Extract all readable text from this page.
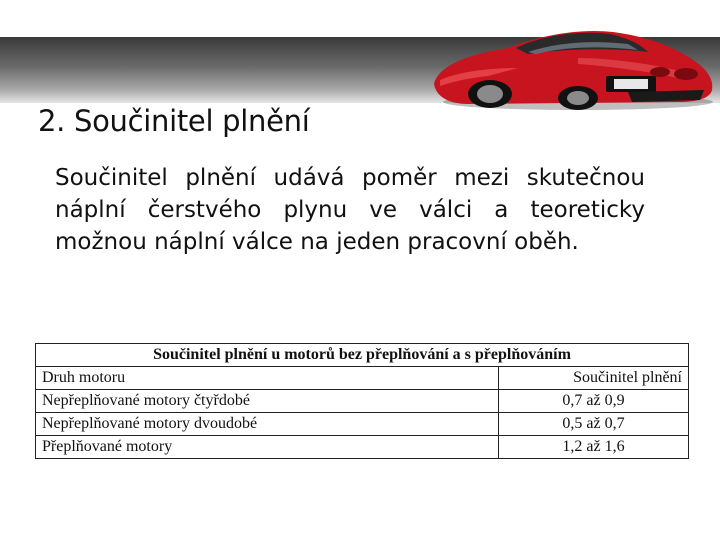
2. Součinitel plnění

Součinitel plnění udává poměr mezi skutečnou náplní čerstvého plynu ve válci a teoreticky možnou náplní válce na jeden pracovní oběh.

Součinitel plnění u motorů bez přeplňování a s přeplňováním	
Druh motoru	Součinitel plnění
Nepřeplňované motory čtyřdobé	0,7 až 0,9
Nepřeplňované motory dvoudobé	0,5 až 0,7
Přeplňované motory	1,2 až 1,6
